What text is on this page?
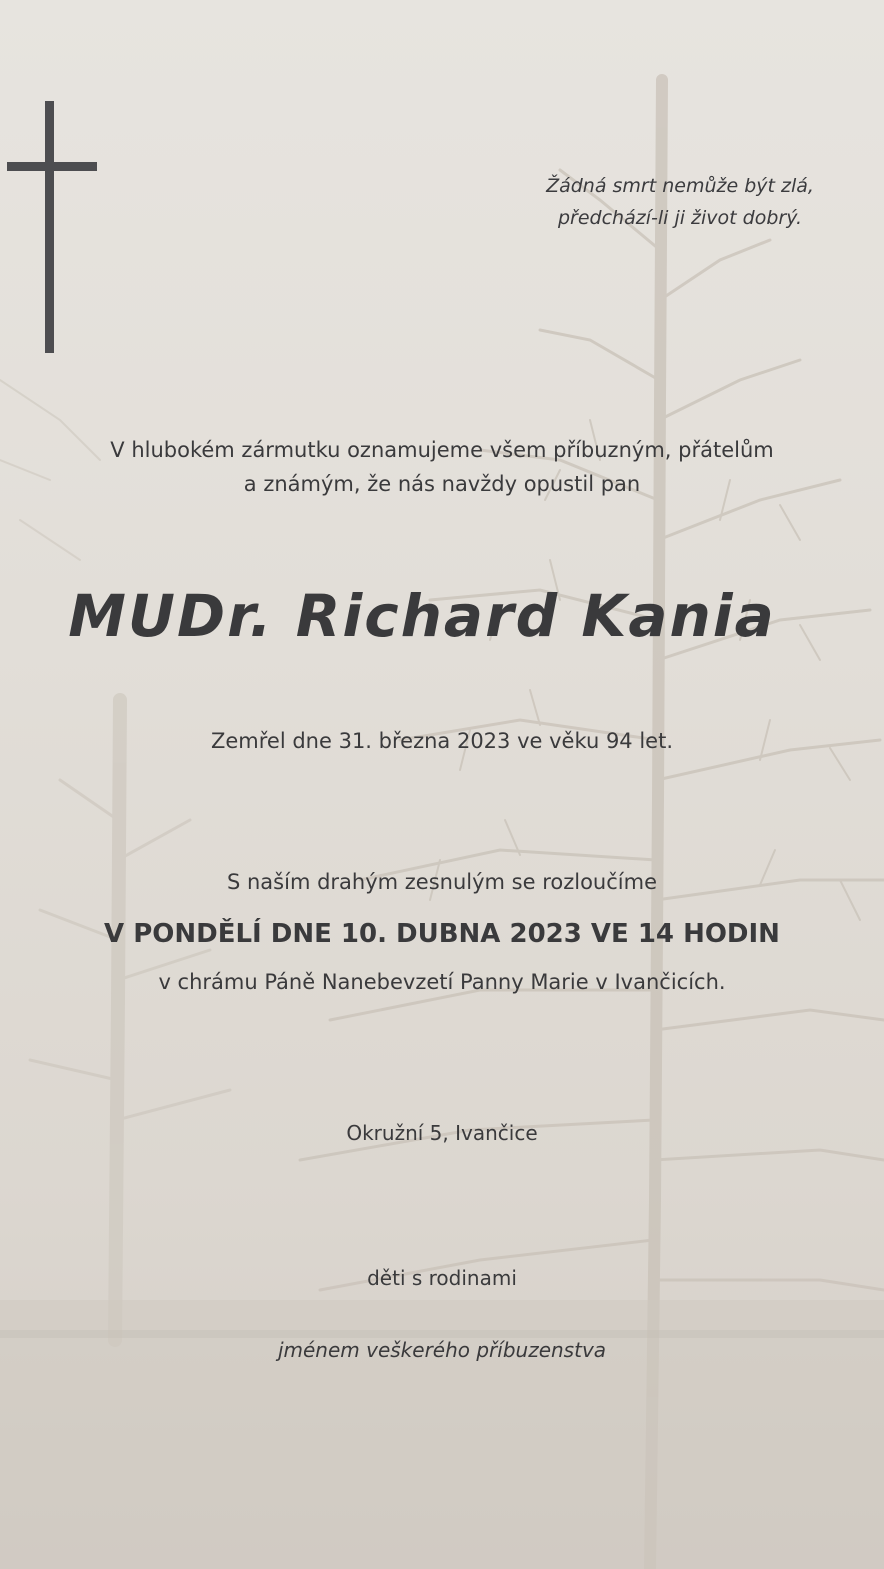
Žádná smrt nemůže být zlá,
předchází-li ji život dobrý.
V hlubokém zármutku oznamujeme všem příbuzným, přátelům
a známým, že nás navždy opustil pan
MUDr. Richard Kania
Zemřel dne 31. března 2023 ve věku 94 let.
S naším drahým zesnulým se rozloučíme
V PONDĚLÍ DNE 10. DUBNA 2023 VE 14 HODIN
v chrámu Páně Nanebevzetí Panny Marie v Ivančicích.
Okružní 5, Ivančice
děti s rodinami
jménem veškerého příbuzenstva
